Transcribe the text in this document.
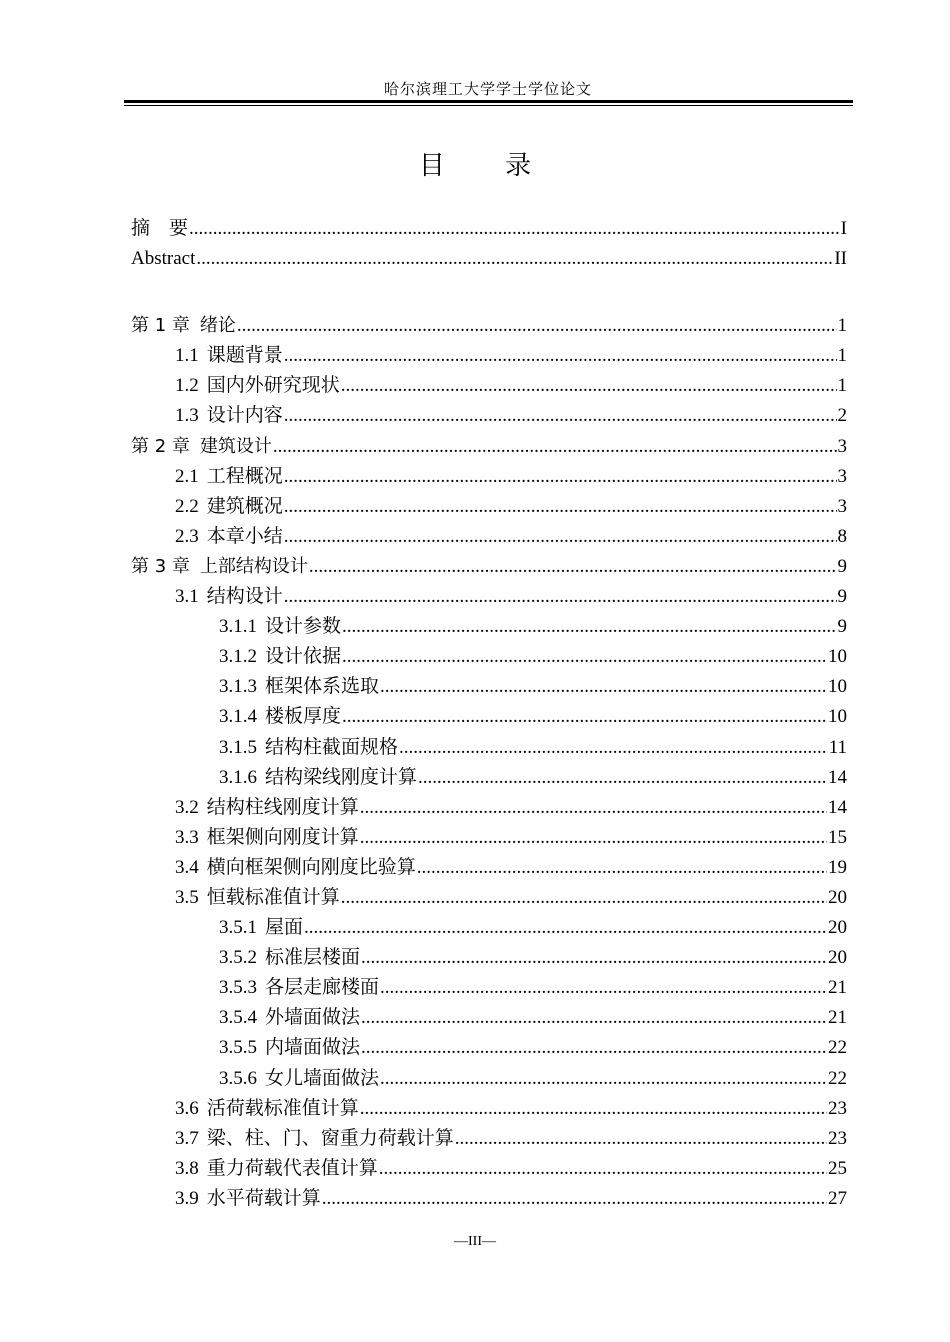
哈尔滨理工大学学士学位论文
目 录
摘　要 .....	I
Abstract .....	II
第 1 章 绪论 .....	1
1.1 课题背景 .....	1
1.2 国内外研究现状 .....	1
1.3 设计内容 .....	2
第 2 章 建筑设计 .....	3
2.1 工程概况 .....	3
2.2 建筑概况 .....	3
2.3 本章小结 .....	8
第 3 章 上部结构设计 .....	9
3.1 结构设计 .....	9
3.1.1 设计参数 .....	9
3.1.2 设计依据 .....	10
3.1.3 框架体系选取 .....	10
3.1.4 楼板厚度 .....	10
3.1.5 结构柱截面规格 .....	11
3.1.6 结构梁线刚度计算 .....	14
3.2 结构柱线刚度计算 .....	14
3.3 框架侧向刚度计算 .....	15
3.4 横向框架侧向刚度比验算 .....	19
3.5 恒载标准值计算 .....	20
3.5.1 屋面 .....	20
3.5.2 标准层楼面 .....	20
3.5.3 各层走廊楼面 .....	21
3.5.4 外墙面做法 .....	21
3.5.5 内墙面做法 .....	22
3.5.6 女儿墙面做法 .....	22
3.6 活荷载标准值计算 .....	23
3.7 梁、柱、门、窗重力荷载计算 .....	23
3.8 重力荷载代表值计算 .....	25
3.9 水平荷载计算 .....	27
—III—
